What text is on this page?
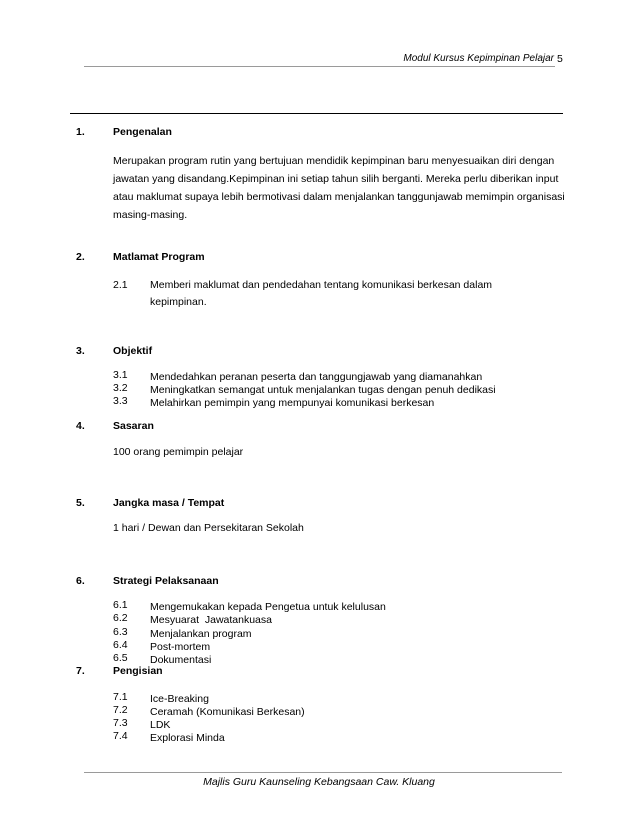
Modul Kursus Kepimpinan Pelajar 5
1.	Pengenalan
Merupakan program rutin yang bertujuan mendidik kepimpinan baru menyesuaikan diri dengan jawatan yang disandang.Kepimpinan ini setiap tahun silih berganti. Mereka perlu diberikan input atau maklumat supaya lebih bermotivasi dalam menjalankan tanggunjawab memimpin organisasi masing-masing.
2.	Matlamat Program
2.1 Memberi maklumat dan pendedahan tentang komunikasi berkesan dalam kepimpinan.
3.	Objektif
3.1 Mendedahkan peranan peserta dan tanggungjawab yang diamanahkan
3.2 Meningkatkan semangat untuk menjalankan tugas dengan penuh dedikasi
3.3 Melahirkan pemimpin yang mempunyai komunikasi berkesan
4.	Sasaran
100 orang pemimpin pelajar
5.	Jangka masa / Tempat
1 hari / Dewan dan Persekitaran Sekolah
6.	Strategi Pelaksanaan
6.1 Mengemukakan kepada Pengetua untuk kelulusan
6.2 Mesyuarat  Jawatankuasa
6.3 Menjalankan program
6.4 Post-mortem
6.5 Dokumentasi
7.	Pengisian
7.1 Ice-Breaking
7.2 Ceramah (Komunikasi Berkesan)
7.3 LDK
7.4 Explorasi Minda
Majlis Guru Kaunseling Kebangsaan Caw. Kluang
